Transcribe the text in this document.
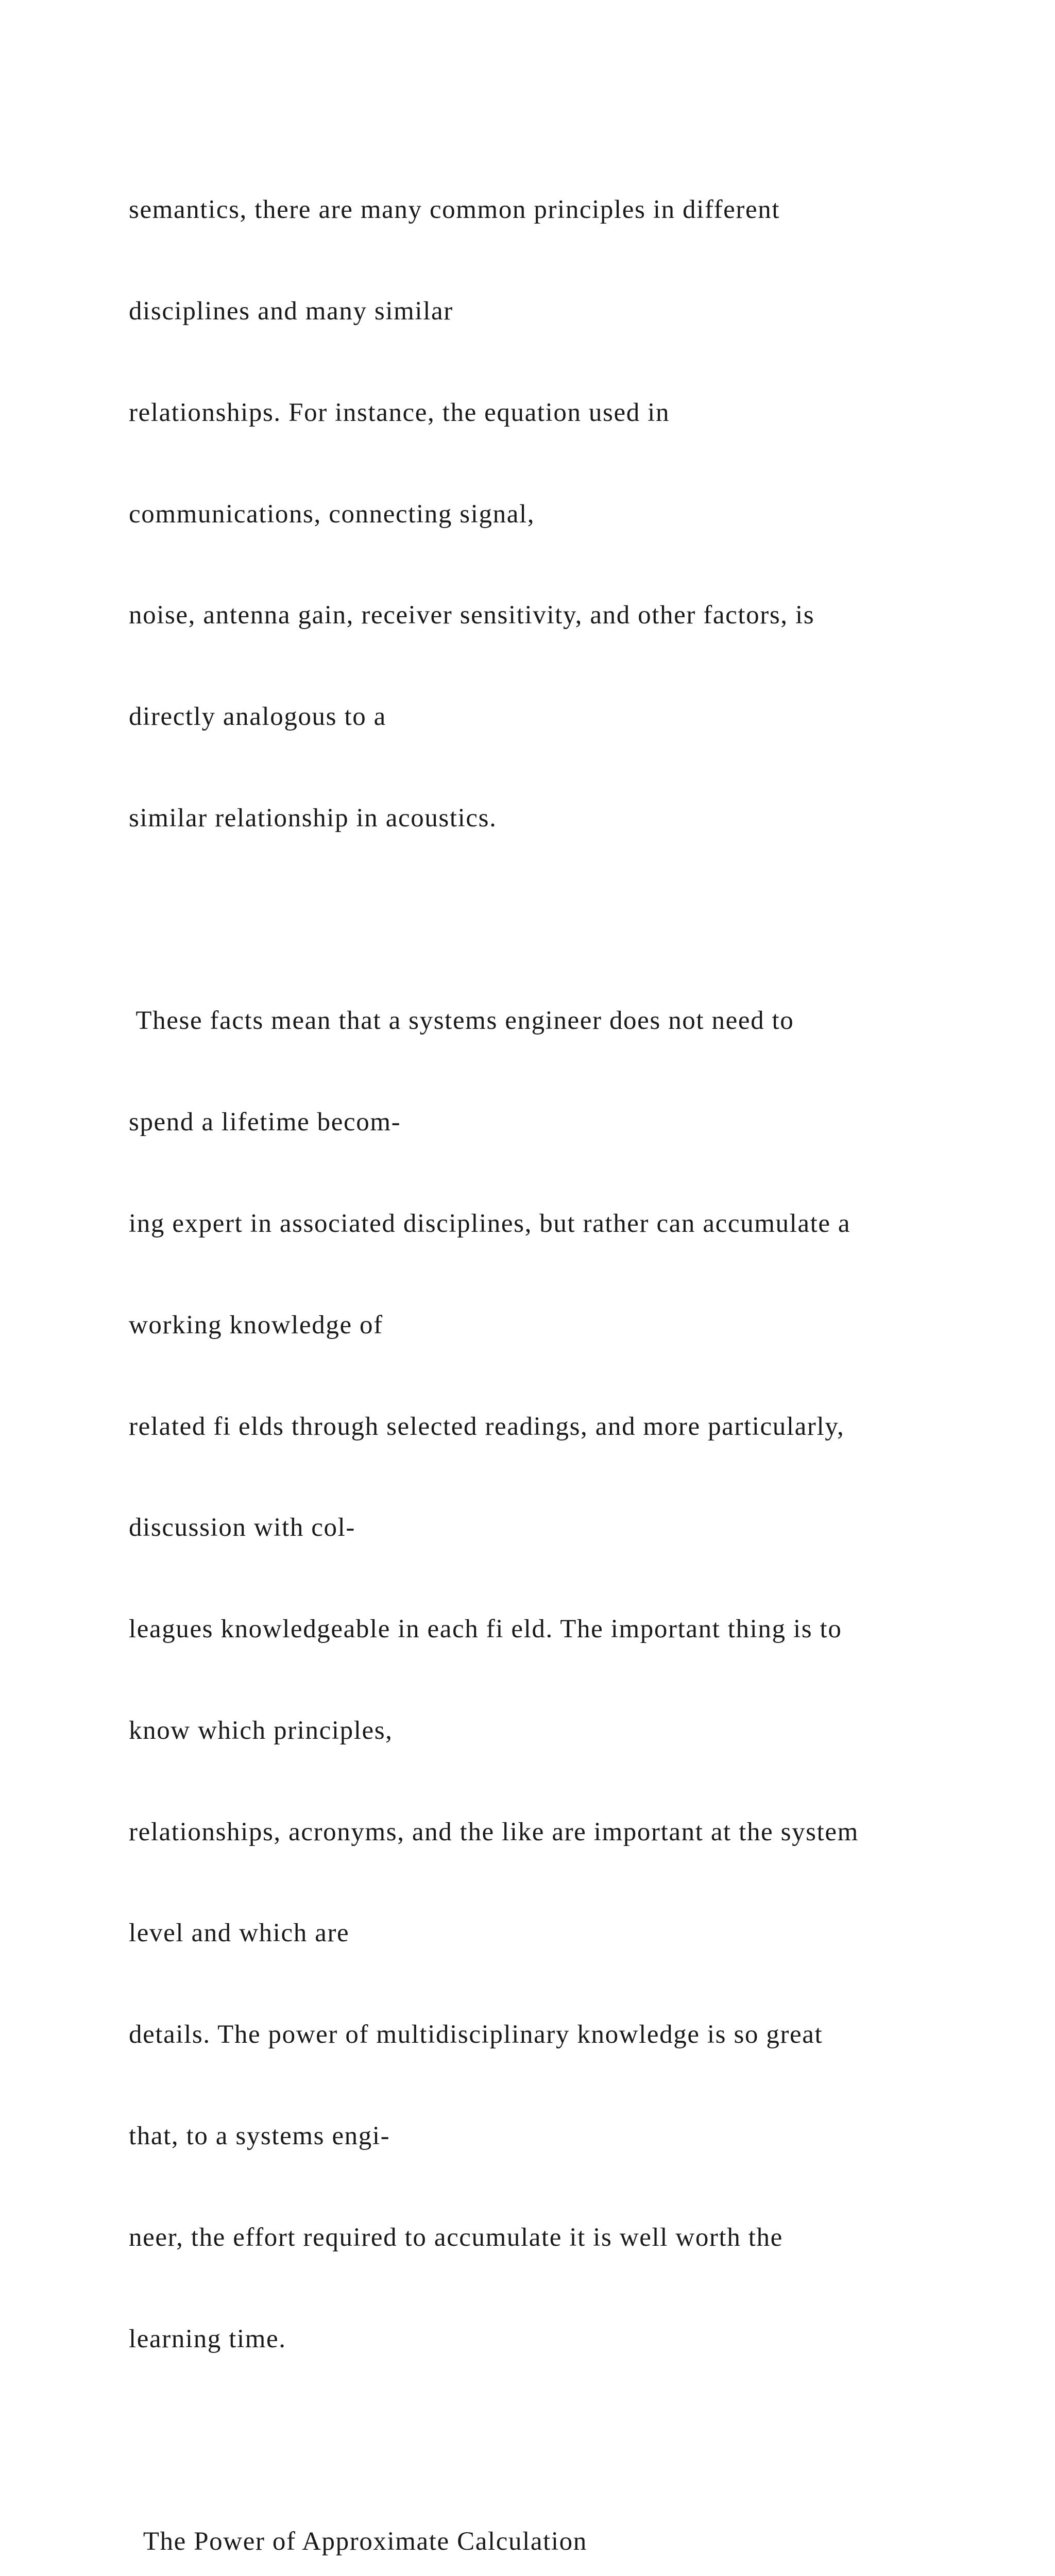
semantics, there are many common principles in different

disciplines and many similar

relationships. For instance, the equation used in

communications, connecting signal,

noise, antenna gain, receiver sensitivity, and other factors, is

directly analogous to a

similar relationship in acoustics.

These facts mean that a systems engineer does not need to

spend a lifetime becom-

ing expert in associated disciplines, but rather can accumulate a

working knowledge of

related fi elds through selected readings, and more particularly,

discussion with col-

leagues knowledgeable in each fi eld. The important thing is to

know which principles,

relationships, acronyms, and the like are important at the system

level and which are

details. The power of multidisciplinary knowledge is so great

that, to a systems engi-

neer, the effort required to accumulate it is well worth the

learning time.

The Power of Approximate Calculation
